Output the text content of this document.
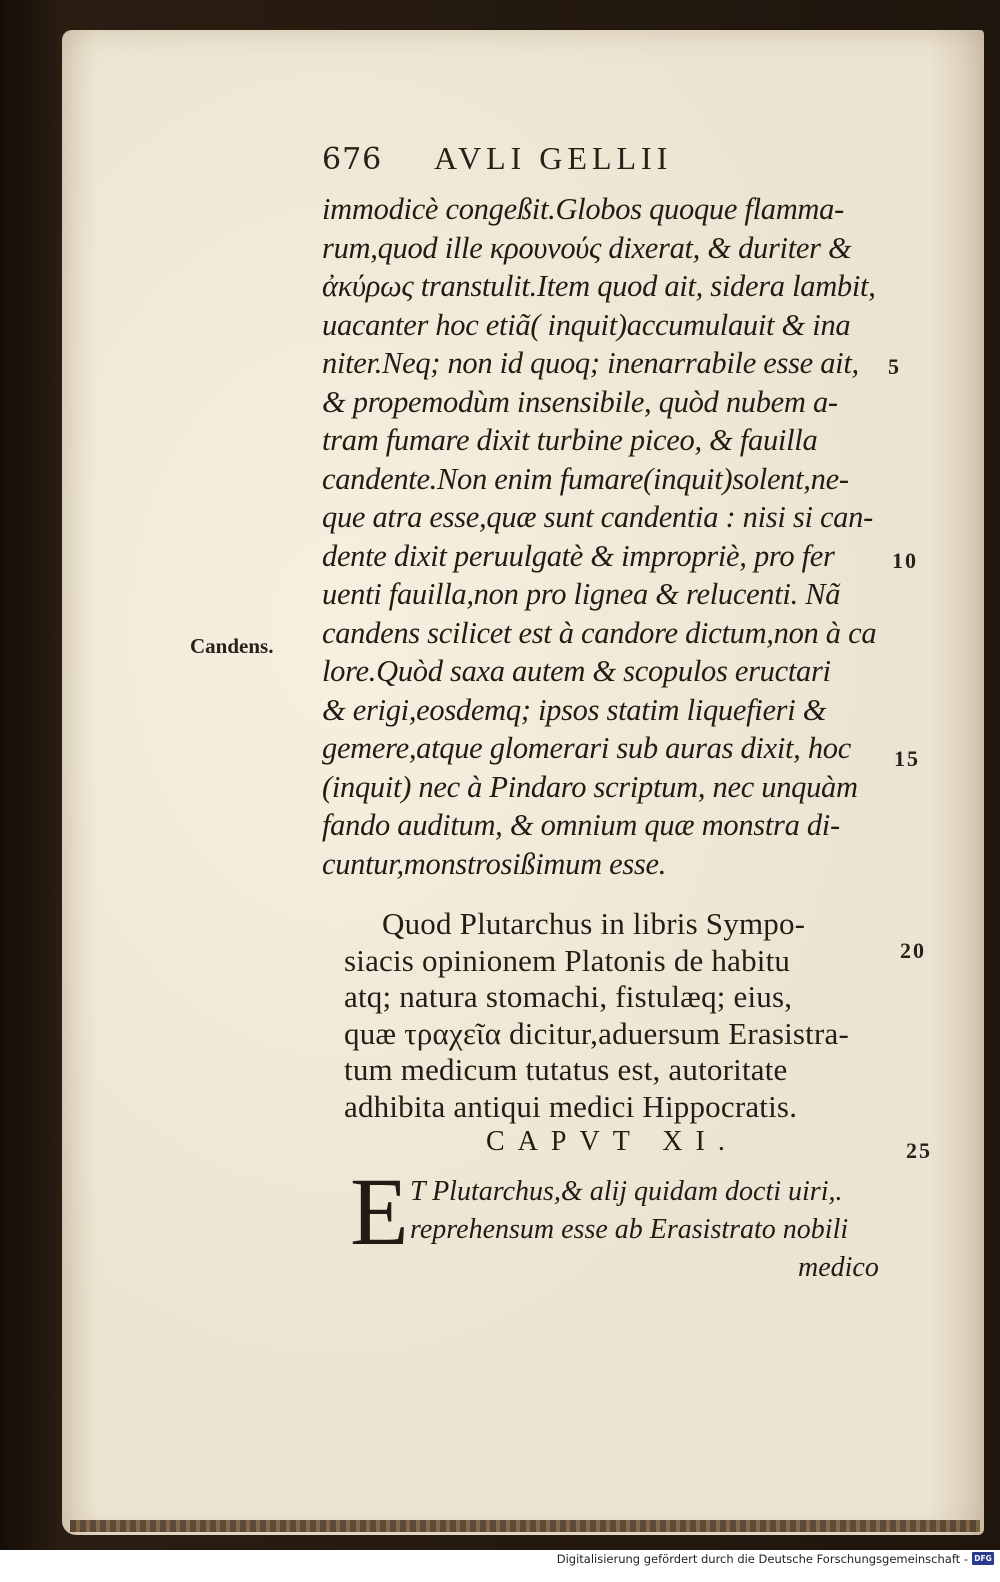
676 AVLI GELLII
immodicè congeßit.Globos quoque flamma-
rum,quod ille κρουνούς dixerat, & duriter &
ἀκύρως transtulit.Item quod ait, sidera lambit,
uacanter hoc etiã( inquit)accumulauit & ina
niter.Neq; non id quoq; inenarrabile esse ait,
& propemodùm insensibile, quòd nubem a-
tram fumare dixit turbine piceo, & fauilla
candente.Non enim fumare(inquit)solent,ne-
que atra esse,quæ sunt candentia : nisi si can-
dente dixit peruulgatè & impropriè, pro fer
uenti fauilla,non pro lignea & relucenti. Nã
candens scilicet est à candore dictum,non à ca
lore.Quòd saxa autem & scopulos eructari
& erigi,eosdemq; ipsos statim liquefieri &
gemere,atque glomerari sub auras dixit, hoc
(inquit) nec à Pindaro scriptum, nec unquàm
fando auditum, & omnium quæ monstra di-
cuntur,monstrosißimum esse.
Candens.
5
10
15
20
25
Quod Plutarchus in libris Sympo-
siacis opinionem Platonis de habitu
atq; natura stomachi, fistulæq; eius,
quæ τραχεῖα dicitur,aduersum Erasistra-
tum medicum tutatus est, autoritate
adhibita antiqui medici Hippocratis.
CAPVT XI.
E T Plutarchus,& alij quidam docti uiri,.
reprehensum esse ab Erasistrato nobili
medico
Digitalisierung gefördert durch die Deutsche Forschungsgemeinschaft - DFG
